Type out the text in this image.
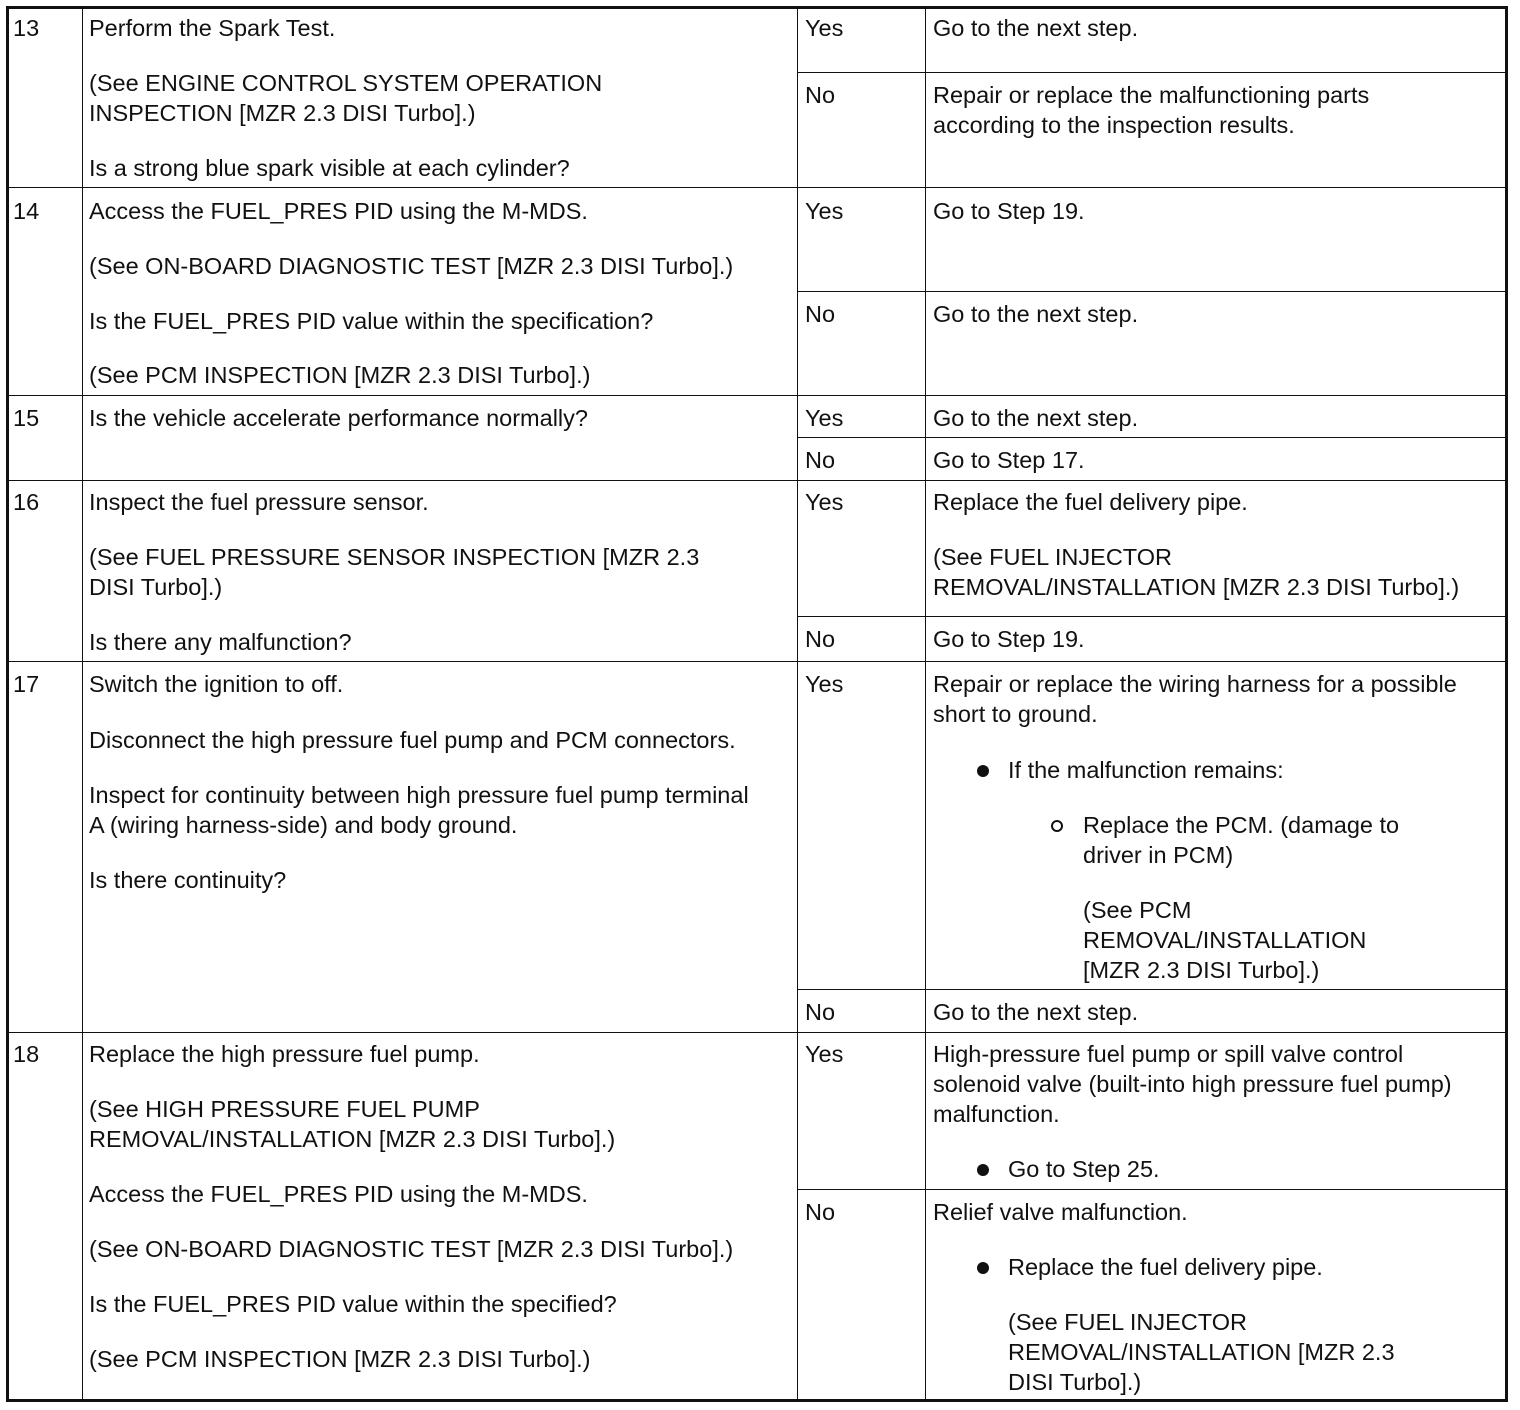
13 Perform the Spark Test.

(See ENGINE CONTROL SYSTEM OPERATION

INSPECTION [MZR 2.3 DISI Turbo].)

Is a strong blue spark visible at each cylinder?

Yes	Go to the next step.

No	Repair or replace the malfunctioning parts

according to the inspection results.

14 Access the FUEL_PRES PID using the M-MDS.

(See ON-BOARD DIAGNOSTIC TEST [MZR 2.3 DISI Turbo].)

Is the FUEL_PRES PID value within the specification?

(See PCM INSPECTION [MZR 2.3 DISI Turbo].)

Yes	Go to Step 19.

No	Go to the next step.

15 Is the vehicle accelerate performance normally?	Yes	Go to the next step.

No	Go to Step 17.

16 Inspect the fuel pressure sensor.

(See FUEL PRESSURE SENSOR INSPECTION [MZR 2.3

DISI Turbo].)

Is there any malfunction?

Yes	Replace the fuel delivery pipe.

(See FUEL INJECTOR

REMOVAL/INSTALLATION [MZR 2.3 DISI Turbo].)

No	Go to Step 19.

17 Switch the ignition to off.

Disconnect the high pressure fuel pump and PCM connectors.

Inspect for continuity between high pressure fuel pump terminal

A (wiring harness-side) and body ground.

Is there continuity?

Yes	Repair or replace the wiring harness for a possible

short to ground.

If the malfunction remains:

Replace the PCM. (damage to

driver in PCM)

(See PCM

REMOVAL/INSTALLATION

[MZR 2.3 DISI Turbo].)

No	Go to the next step.

18 Replace the high pressure fuel pump.

(See HIGH PRESSURE FUEL PUMP

REMOVAL/INSTALLATION [MZR 2.3 DISI Turbo].)

Access the FUEL_PRES PID using the M-MDS.

(See ON-BOARD DIAGNOSTIC TEST [MZR 2.3 DISI Turbo].)

Is the FUEL_PRES PID value within the specified?

(See PCM INSPECTION [MZR 2.3 DISI Turbo].)

Yes	High-pressure fuel pump or spill valve control

solenoid valve (built-into high pressure fuel pump)

malfunction.

Go to Step 25.

No	Relief valve malfunction.

Replace the fuel delivery pipe.

(See FUEL INJECTOR

REMOVAL/INSTALLATION [MZR 2.3

DISI Turbo].)
